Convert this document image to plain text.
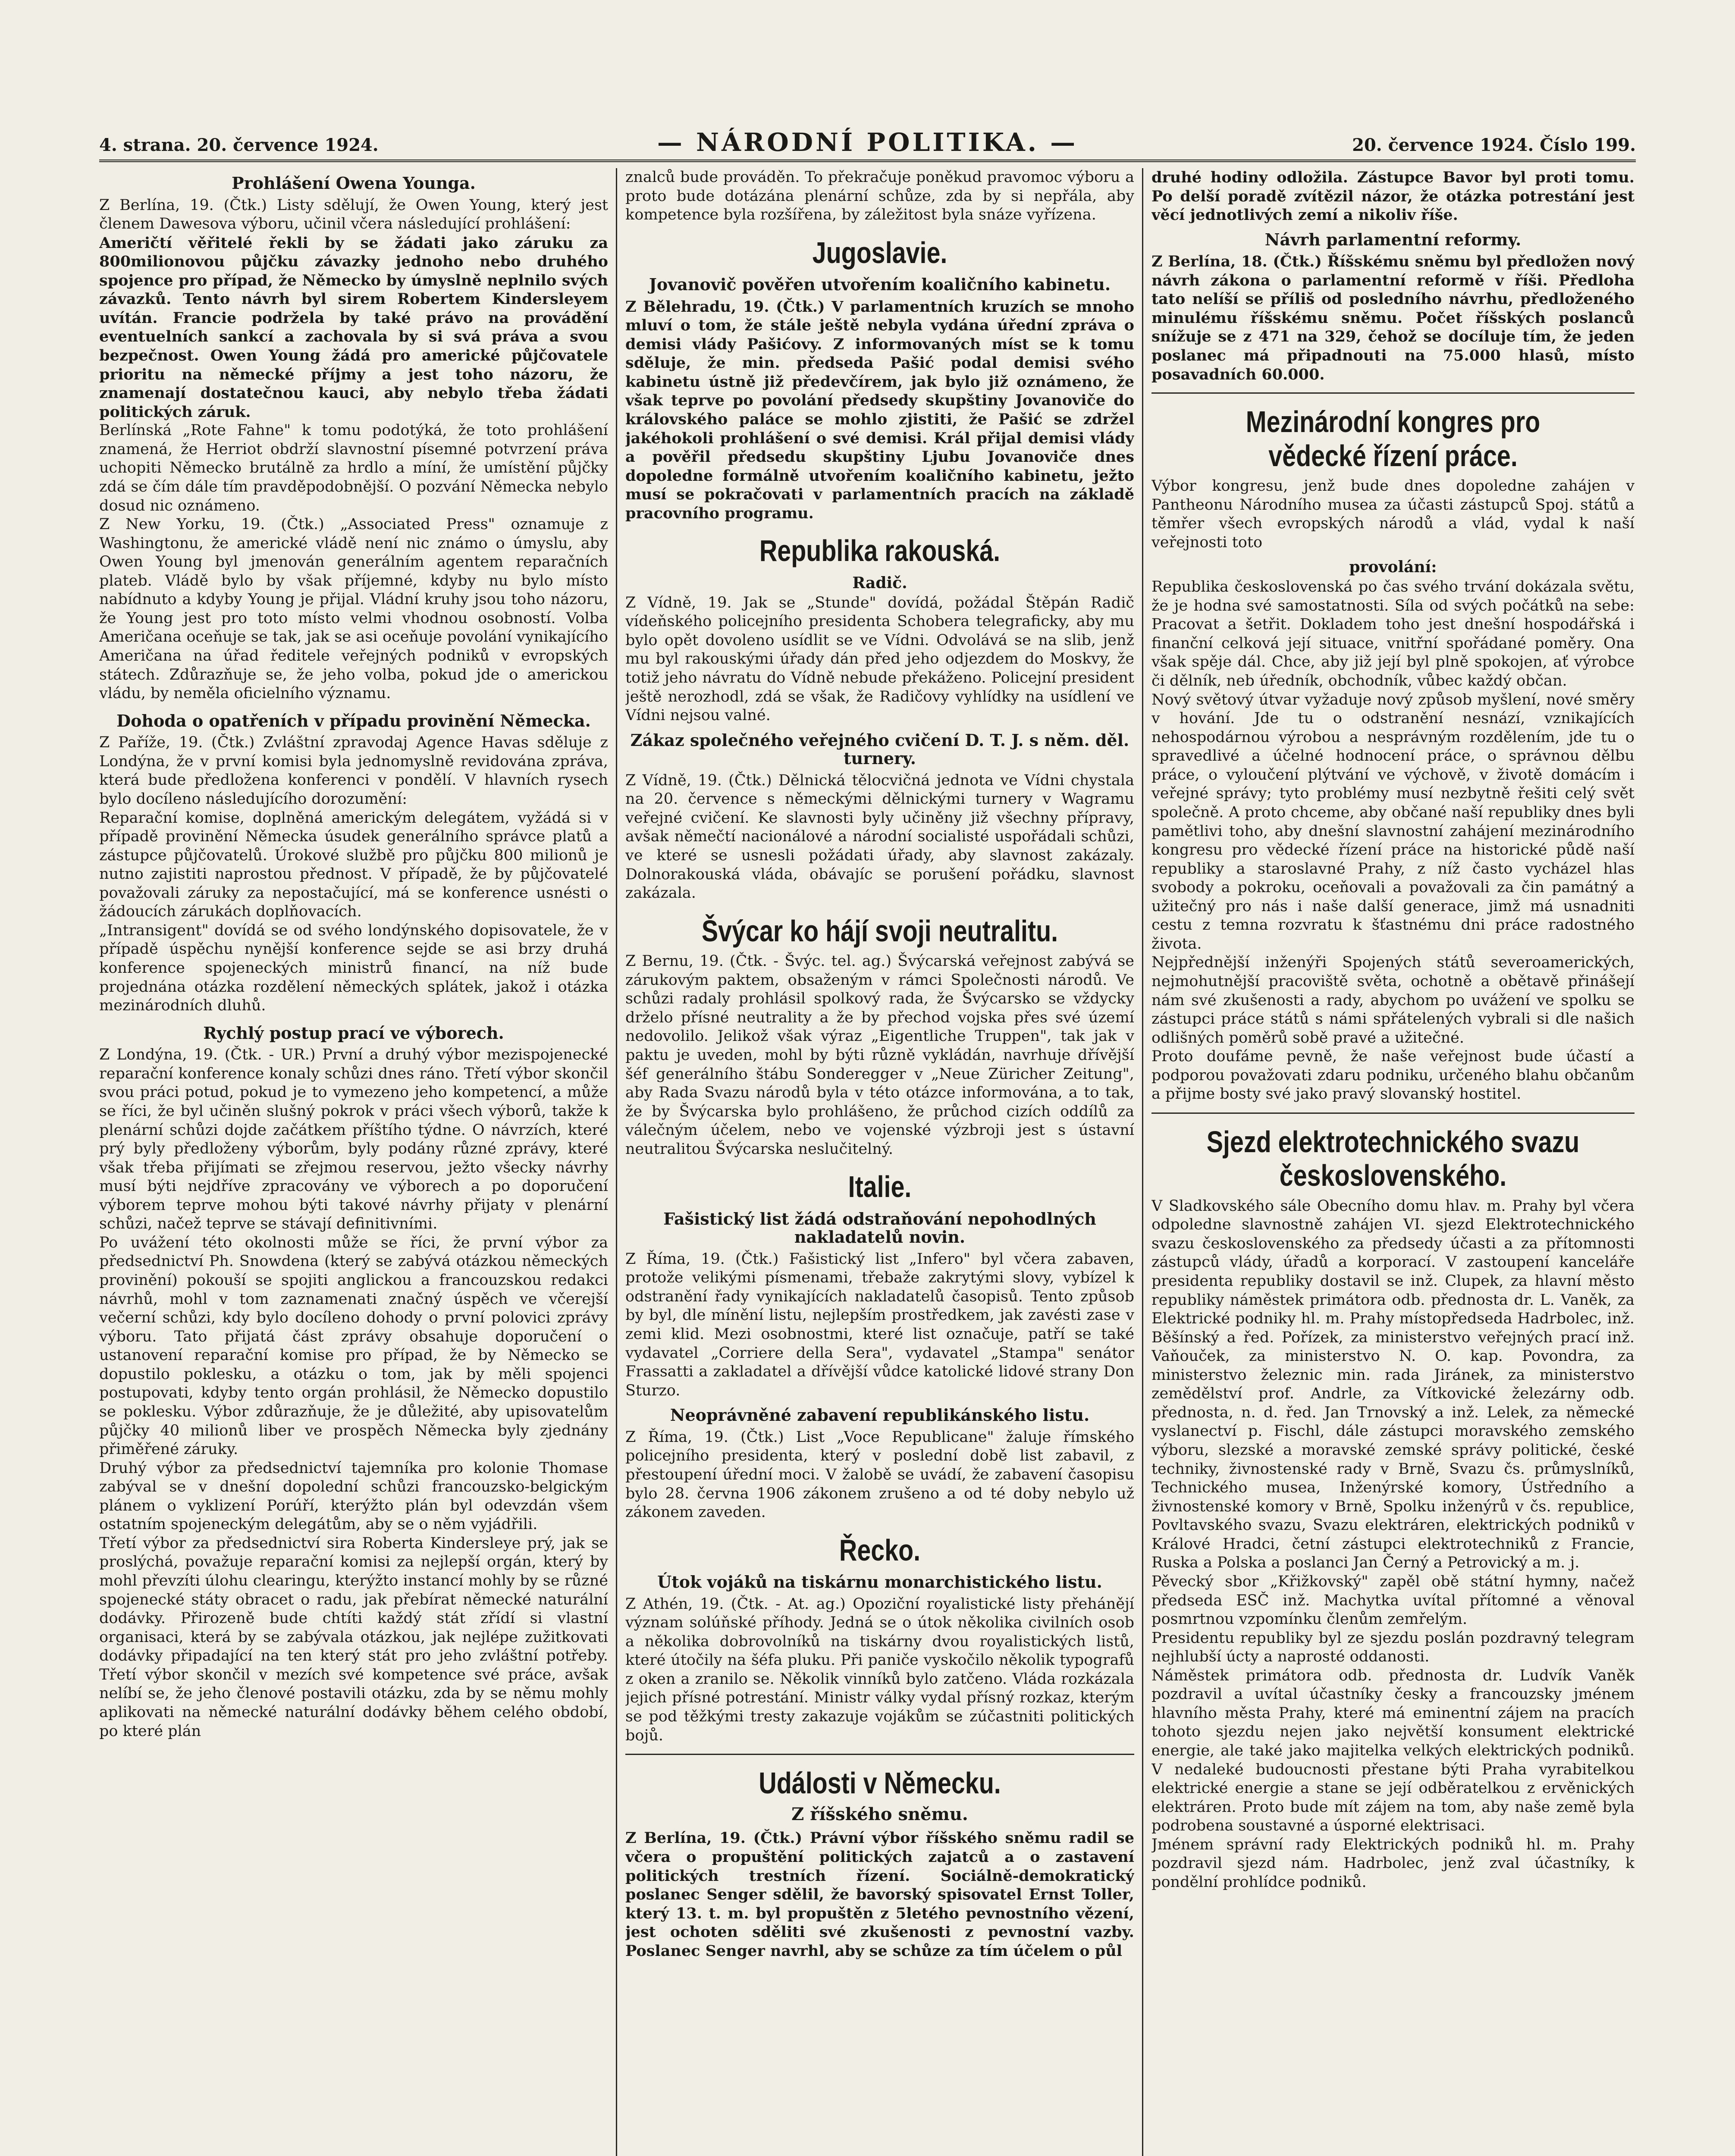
4. strana. 20. července 1924.	— NÁRODNÍ POLITIKA. —	20. července 1924. Číslo 199.
Prohlášení Owena Younga.

Z Berlína, 19. (Čtk.) Listy sdělují, že Owen Young, který jest členem Dawesova výboru, učinil včera následující prohlášení:

Američtí věřitelé řekli by se žádati jako záruku za 800milionovou půjčku závazky jednoho nebo druhého spojence pro případ, že Německo by úmyslně neplnilo svých závazků. Tento návrh byl sirem Robertem Kindersleyem uvítán. Francie podržela by také právo na provádění eventuelních sankcí a zachovala by si svá práva a svou bezpečnost. Owen Young žádá pro americké půjčovatele prioritu na německé příjmy a jest toho názoru, že znamenají dostatečnou kauci, aby nebylo třeba žádati politických záruk.

Berlínská „Rote Fahne" k tomu podotýká, že toto prohlášení znamená, že Herriot obdrží slavnostní písemné potvrzení práva uchopiti Německo brutálně za hrdlo a míní, že umístění půjčky zdá se čím dále tím pravděpodobnější. O pozvání Německa nebylo dosud nic oznámeno.

Z New Yorku, 19. (Čtk.) „Associated Press" oznamuje z Washingtonu, že americké vládě není nic známo o úmyslu, aby Owen Young byl jmenován generálním agentem reparačních plateb. Vládě bylo by však příjemné, kdyby nu bylo místo nabídnuto a kdyby Young je přijal. Vládní kruhy jsou toho názoru, že Young jest pro toto místo velmi vhodnou osobností. Volba Američana oceňuje se tak, jak se asi oceňuje povolání vynikajícího Američana na úřad ředitele veřejných podniků v evropských státech. Zdůrazňuje se, že jeho volba, pokud jde o americkou vládu, by neměla oficielního významu.

Dohoda o opatřeních v případu provinění Německa.

Z Paříže, 19. (Čtk.) Zvláštní zpravodaj Agence Havas sděluje z Londýna, že v první komisi byla jednomyslně revidována zpráva, která bude předložena konferenci v pondělí. V hlavních rysech bylo docíleno následujícího dorozumění:

Reparační komise, doplněná americkým delegátem, vyžádá si v případě provinění Německa úsudek generálního správce platů a zástupce půjčovatelů. Úrokové službě pro půjčku 800 milionů je nutno zajistiti naprostou přednost. V případě, že by půjčovatelé považovali záruky za nepostačující, má se konference usnésti o žádoucích zárukách doplňovacích.

„Intransigent" dovídá se od svého londýnského dopisovatele, že v případě úspěchu nynější konference sejde se asi brzy druhá konference spojeneckých ministrů financí, na níž bude projednána otázka rozdělení německých splátek, jakož i otázka mezinárodních dluhů.

Rychlý postup prací ve výborech.

Z Londýna, 19. (Čtk. - UR.) První a druhý výbor mezispojenecké reparační konference konaly schůzi dnes ráno. Třetí výbor skončil svou práci potud, pokud je to vymezeno jeho kompetencí, a může se říci, že byl učiněn slušný pokrok v práci všech výborů, takže k plenární schůzi dojde začátkem příštího týdne. O návrzích, které prý byly předloženy výborům, byly podány různé zprávy, které však třeba přijímati se zřejmou reservou, ježto všecky návrhy musí býti nejdříve zpracovány ve výborech a po doporučení výborem teprve mohou býti takové návrhy přijaty v plenární schůzi, načež teprve se stávají definitivními.

Po uvážení této okolnosti může se říci, že první výbor za předsednictví Ph. Snowdena (který se zabývá otázkou německých provinění) pokouší se spojiti anglickou a francouzskou redakci návrhů, mohl v tom zaznamenati značný úspěch ve včerejší večerní schůzi, kdy bylo docíleno dohody o první polovici zprávy výboru. Tato přijatá část zprávy obsahuje doporučení o ustanovení reparační komise pro případ, že by Německo se dopustilo poklesku, a otázku o tom, jak by měli spojenci postupovati, kdyby tento orgán prohlásil, že Německo dopustilo se poklesku. Výbor zdůrazňuje, že je důležité, aby upisovatelům půjčky 40 milionů liber ve prospěch Německa byly zjednány přiměřené záruky.

Druhý výbor za předsednictví tajemníka pro kolonie Thomase zabýval se v dnešní dopolední schůzi francouzsko-belgickým plánem o vyklizení Porúří, kterýžto plán byl odevzdán všem ostatním spojeneckým delegátům, aby se o něm vyjádřili.

Třetí výbor za předsednictví sira Roberta Kindersleye prý, jak se proslýchá, považuje reparační komisi za nejlepší orgán, který by mohl převzíti úlohu clearingu, kterýžto instancí mohly by se různé spojenecké státy obracet o radu, jak přebírat německé naturální dodávky. Přirozeně bude chtíti každý stát zřídí si vlastní organisaci, která by se zabývala otázkou, jak nejlépe zužitkovati dodávky připadající na ten který stát pro jeho zvláštní potřeby. Třetí výbor skončil v mezích své kompetence své práce, avšak nelíbí se, že jeho členové postavili otázku, zda by se němu mohly aplikovati na německé naturální dodávky během celého období, po které plán

znalců bude prováděn. To překračuje poněkud pravomoc výboru a proto bude dotázána plenární schůze, zda by si nepřála, aby kompetence byla rozšířena, by záležitost byla snáze vyřízena.

Jugoslavie.
Jovanovič pověřen utvořením koaličního kabinetu.

Z Bělehradu, 19. (Čtk.) V parlamentních kruzích se mnoho mluví o tom, že stále ještě nebyla vydána úřední zpráva o demisi vlády Pašićovy. Z informovaných míst se k tomu sděluje, že min. předseda Pašić podal demisi svého kabinetu ústně již předevčírem, jak bylo již oznámeno, že však teprve po povolání předsedy skupštiny Jovanoviče do královského paláce se mohlo zjistiti, že Pašić se zdržel jakéhokoli prohlášení o své demisi. Král přijal demisi vlády a pověřil předsedu skupštiny Ljubu Jovanoviče dnes dopoledne formálně utvořením koaličního kabinetu, ježto musí se pokračovati v parlamentních pracích na základě pracovního programu.

Republika rakouská.
Radič.

Z Vídně, 19. Jak se „Stunde" dovídá, požádal Štěpán Radič vídeňského policejního presidenta Schobera telegraficky, aby mu bylo opět dovoleno usídlit se ve Vídni. Odvolává se na slib, jenž mu byl rakouskými úřady dán před jeho odjezdem do Moskvy, že totiž jeho návratu do Vídně nebude překáženo. Policejní president ještě nerozhodl, zdá se však, že Radičovy vyhlídky na usídlení ve Vídni nejsou valné.

Zákaz společného veřejného cvičení D. T. J. s něm. děl. turnery.

Z Vídně, 19. (Čtk.) Dělnická tělocvičná jednota ve Vídni chystala na 20. července s německými dělnickými turnery v Wagramu veřejné cvičení. Ke slavnosti byly učiněny již všechny přípravy, avšak němečtí nacionálové a národní socialisté uspořádali schůzi, ve které se usnesli požádati úřady, aby slavnost zakázaly. Dolnorakouská vláda, obávajíc se porušení pořádku, slavnost zakázala.

Švýcar ko hájí svoji neutralitu.

Z Bernu, 19. (Čtk. - Švýc. tel. ag.) Švýcarská veřejnost zabývá se zárukovým paktem, obsaženým v rámci Společnosti národů. Ve schůzi radaly prohlásil spolkový rada, že Švýcarsko se vždycky drželo přísné neutrality a že by přechod vojska přes své území nedovolilo. Jelikož však výraz „Eigentliche Truppen", tak jak v paktu je uveden, mohl by býti různě vykládán, navrhuje dřívější šéf generálního štábu Sonderegger v „Neue Züricher Zeitung", aby Rada Svazu národů byla v této otázce informována, a to tak, že by Švýcarska bylo prohlášeno, že průchod cizích oddílů za válečným účelem, nebo ve vojenské výzbroji jest s ústavní neutralitou Švýcarska neslučitelný.

Italie.
Fašistický list žádá odstraňování nepohodlných nakladatelů novin.

Z Říma, 19. (Čtk.) Fašistický list „Infero" byl včera zabaven, protože velikými písmenami, třebaže zakrytými slovy, vybízel k odstranění řady vynikajících nakladatelů časopisů. Tento způsob by byl, dle mínění listu, nejlepším prostředkem, jak zavésti zase v zemi klid. Mezi osobnostmi, které list označuje, patří se také vydavatel „Corriere della Sera", vydavatel „Stampa" senátor Frassatti a zakladatel a dřívější vůdce katolické lidové strany Don Sturzo.

Neoprávněné zabavení republikánského listu.

Z Říma, 19. (Čtk.) List „Voce Republicane" žaluje římského policejního presidenta, který v poslední době list zabavil, z přestoupení úřední moci. V žalobě se uvádí, že zabavení časopisu bylo 28. června 1906 zákonem zrušeno a od té doby nebylo už zákonem zaveden.

Řecko.
Útok vojáků na tiskárnu monarchistického listu.

Z Athén, 19. (Čtk. - At. ag.) Opoziční royalistické listy přehánějí význam solúňské příhody. Jedná se o útok několika civilních osob a několika dobrovolníků na tiskárny dvou royalistických listů, které útočily na šéfa pluku. Při paniče vyskočilo několik typografů z oken a zranilo se. Několik vinníků bylo zatčeno. Vláda rozkázala jejich přísné potrestání. Ministr války vydal přísný rozkaz, kterým se pod těžkými tresty zakazuje vojákům se zúčastniti politických bojů.

Události v Německu.
Z říšského sněmu.

Z Berlína, 19. (Čtk.) Právní výbor říšského sněmu radil se včera o propuštění politických zajatců a o zastavení politických trestních řízení. Sociálně-demokratický poslanec Senger sdělil, že bavorský spisovatel Ernst Toller, který 13. t. m. byl propuštěn z 5letého pevnostního vězení, jest ochoten sděliti své zkušenosti z pevnostní vazby. Poslanec Senger navrhl, aby se schůze za tím účelem o půl

druhé hodiny odložila. Zástupce Bavor byl proti tomu. Po delší poradě zvítězil názor, že otázka potrestání jest věcí jednotlivých zemí a nikoliv říše.

Návrh parlamentní reformy.

Z Berlína, 18. (Čtk.) Říšskému sněmu byl předložen nový návrh zákona o parlamentní reformě v říši. Předloha tato nelíší se příliš od posledního návrhu, předloženého minulému říšskému sněmu. Počet říšských poslanců snížuje se z 471 na 329, čehož se docíluje tím, že jeden poslanec má připadnouti na 75.000 hlasů, místo posavadních 60.000.

Mezinárodní kongres pro vědecké řízení práce.

Výbor kongresu, jenž bude dnes dopoledne zahájen v Pantheonu Národního musea za účasti zástupců Spoj. států a těmřer všech evropských národů a vlád, vydal k naší veřejnosti toto

provolání:

Republika československá po čas svého trvání dokázala světu, že je hodna své samostatnosti. Síla od svých počátků na sebe: Pracovat a šetřit. Dokladem toho jest dnešní hospodářská i finanční celková její situace, vnitřní spořádané poměry. Ona však spěje dál. Chce, aby již její byl plně spokojen, ať výrobce či dělník, neb úředník, obchodník, vůbec každý občan.

Nový světový útvar vyžaduje nový způsob myšlení, nové směry v hování. Jde tu o odstranění nesnází, vznikajících nehospodárnou výrobou a nesprávným rozdělením, jde tu o spravedlivé a účelné hodnocení práce, o správnou dělbu práce, o vyloučení plýtvání ve výchově, v životě domácím i veřejné správy; tyto problémy musí nezbytně řešiti celý svět společně. A proto chceme, aby občané naší republiky dnes byli pamětlivi toho, aby dnešní slavnostní zahájení mezinárodního kongresu pro vědecké řízení práce na historické půdě naší republiky a staroslavné Prahy, z níž často vycházel hlas svobody a pokroku, oceňovali a považovali za čin památný a užitečný pro nás i naše další generace, jimž má usnadniti cestu z temna rozvratu k šťastnému dni práce radostného života.

Nejpřednější inženýři Spojených států severoamerických, nejmohutnější pracoviště světa, ochotně a obětavě přinášejí nám své zkušenosti a rady, abychom po uvážení ve spolku se zástupci práce států s námi spřátelených vybrali si dle našich odlišných poměrů sobě pravé a užitečné.

Proto doufáme pevně, že naše veřejnost bude účastí a podporou považovati zdaru podniku, určeného blahu občanům a přijme bosty své jako pravý slovanský hostitel.

Sjezd elektrotechnického svazu československého.

V Sladkovského sále Obecního domu hlav. m. Prahy byl včera odpoledne slavnostně zahájen VI. sjezd Elektrotechnického svazu československého za předsedy účasti a za přítomnosti zástupců vlády, úřadů a korporací. V zastoupení kanceláře presidenta republiky dostavil se inž. Clupek, za hlavní město republiky náměstek primátora odb. přednosta dr. L. Vaněk, za Elektrické podniky hl. m. Prahy místopředseda Hadrbolec, inž. Běšínský a řed. Pořízek, za ministerstvo veřejných prací inž. Vaňouček, za ministerstvo N. O. kap. Povondra, za ministerstvo železnic min. rada Jiránek, za ministerstvo zemědělství prof. Andrle, za Vítkovické železárny odb. přednosta, n. d. řed. Jan Trnovský a inž. Lelek, za německé vyslanectví p. Fischl, dále zástupci moravského zemského výboru, slezské a moravské zemské správy politické, české techniky, živnostenské rady v Brně, Svazu čs. průmyslníků, Technického musea, Inženýrské komory, Ústředního a živnostenské komory v Brně, Spolku inženýrů v čs. republice, Povltavského svazu, Svazu elektráren, elektrických podniků v Králové Hradci, četní zástupci elektrotechniků z Francie, Ruska a Polska a poslanci Jan Černý a Petrovický a m. j.

Pěvecký sbor „Křižkovský" zapěl obě státní hymny, načež předseda ESČ inž. Machytka uvítal přítomné a věnoval posmrtnou vzpomínku členům zemřelým.

Presidentu republiky byl ze sjezdu poslán pozdravný telegram nejhlubší úcty a naprosté oddanosti.

Náměstek primátora odb. přednosta dr. Ludvík Vaněk pozdravil a uvítal účastníky česky a francouzsky jménem hlavního města Prahy, které má eminentní zájem na pracích tohoto sjezdu nejen jako největší konsument elektrické energie, ale také jako majitelka velkých elektrických podniků. V nedaleké budoucnosti přestane býti Praha vyrabitelkou elektrické energie a stane se její odběratelkou z ervěnických elektráren. Proto bude mít zájem na tom, aby naše země byla podrobena soustavné a úsporné elektrisaci.

Jménem správní rady Elektrických podniků hl. m. Prahy pozdravil sjezd nám. Hadrbolec, jenž zval účastníky, k pondělní prohlídce podniků.
